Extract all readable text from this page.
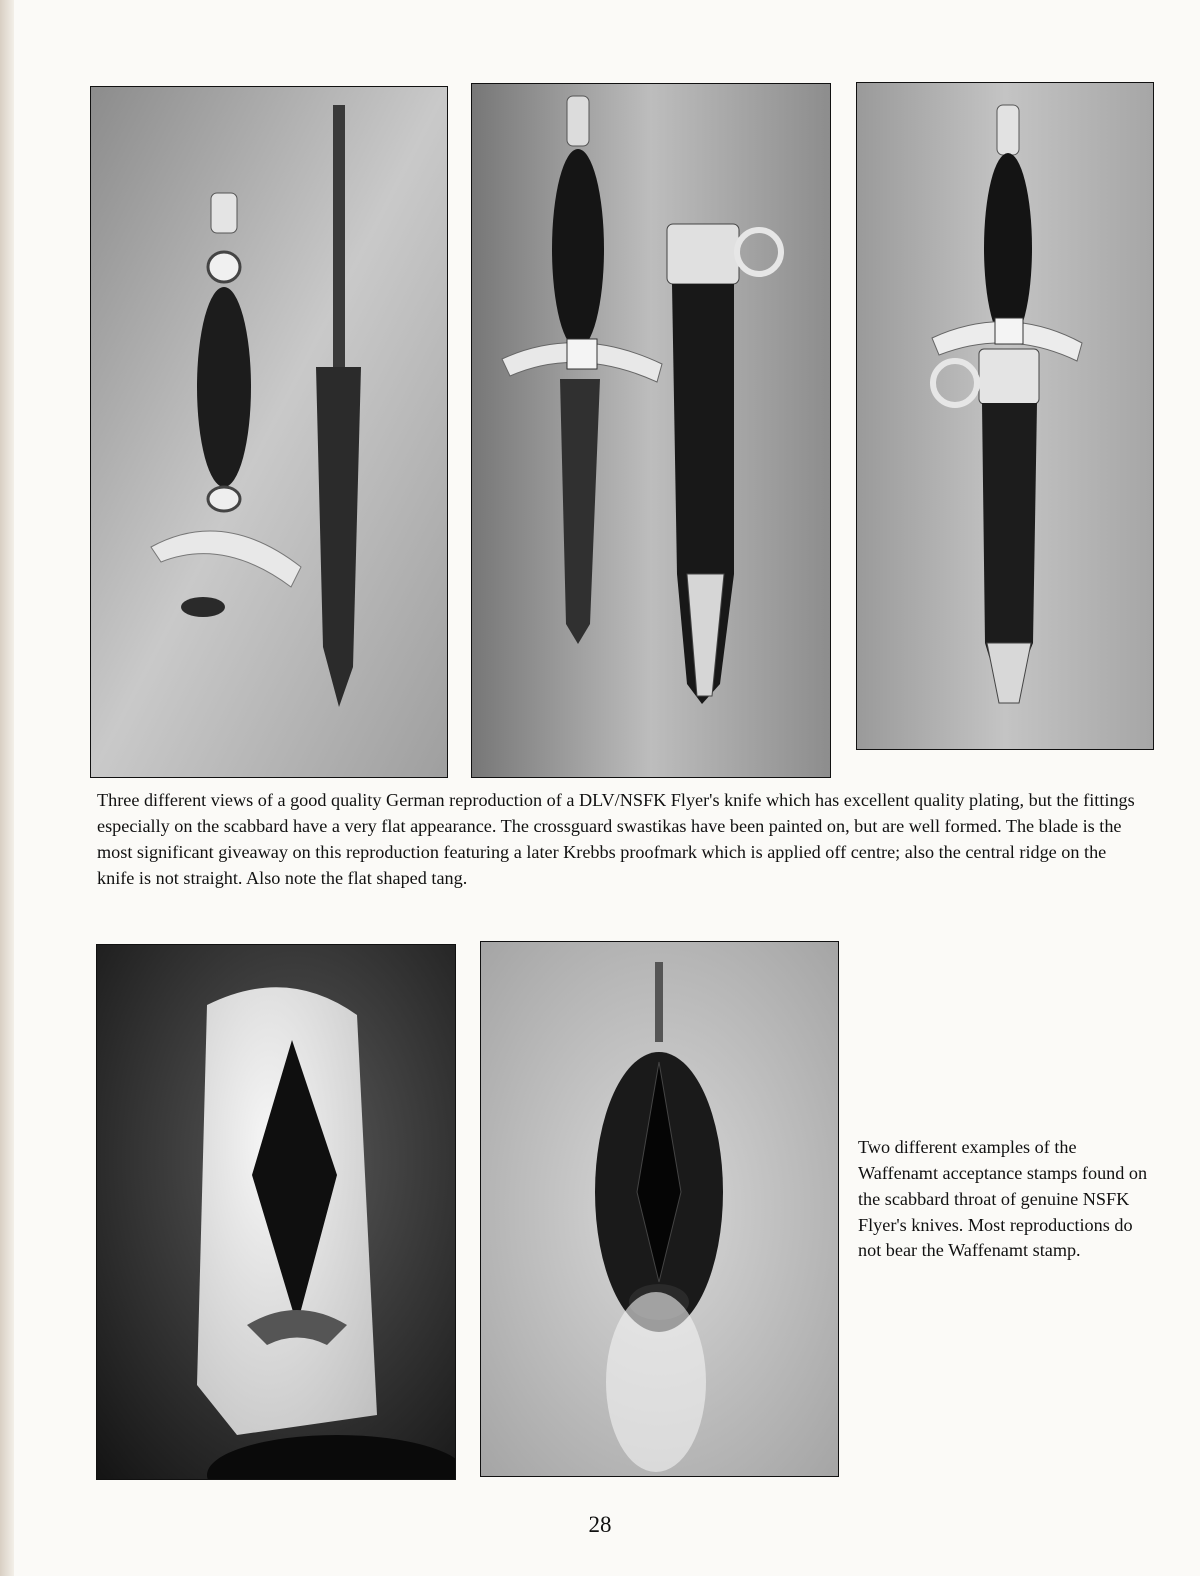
Three different views of a good quality German reproduction of a DLV/NSFK Flyer's knife which has excellent quality plating, but the fittings especially on the scabbard have a very flat appearance. The crossguard swastikas have been painted on, but are well formed. The blade is the most significant giveaway on this reproduction featuring a later Krebbs proofmark which is applied off centre; also the central ridge on the knife is not straight. Also note the flat shaped tang.

Two different examples of the Waffenamt acceptance stamps found on the scabbard throat of genuine NSFK Flyer's knives. Most reproductions do not bear the Waffenamt stamp.

28
